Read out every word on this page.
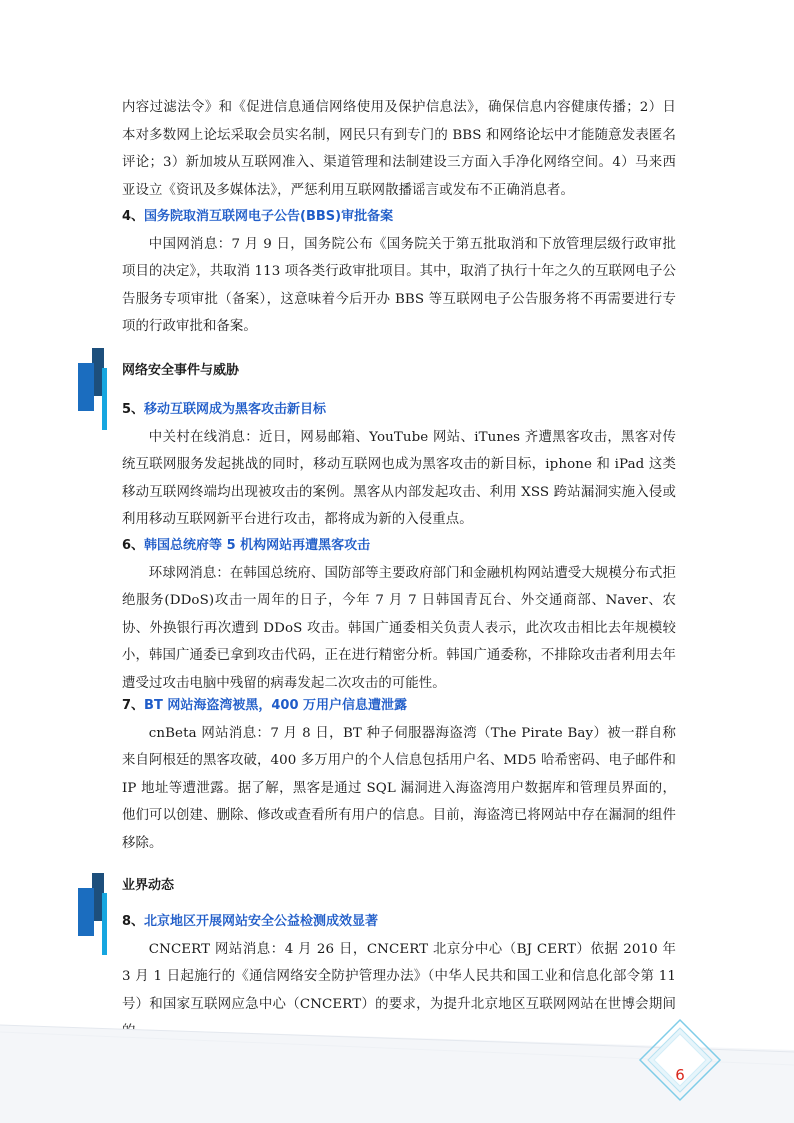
内容过滤法令》和《促进信息通信网络使用及保护信息法》，确保信息内容健康传播；2）日本对多数网上论坛采取会员实名制，网民只有到专门的 BBS 和网络论坛中才能随意发表匿名评论；3）新加坡从互联网准入、渠道管理和法制建设三方面入手净化网络空间。4）马来西亚设立《资讯及多媒体法》，严惩利用互联网散播谣言或发布不正确消息者。

4、国务院取消互联网电子公告(BBS)审批备案

中国网消息：7 月 9 日，国务院公布《国务院关于第五批取消和下放管理层级行政审批项目的决定》，共取消 113 项各类行政审批项目。其中，取消了执行十年之久的互联网电子公告服务专项审批（备案），这意味着今后开办 BBS 等互联网电子公告服务将不再需要进行专项的行政审批和备案。

网络安全事件与威胁
5、移动互联网成为黑客攻击新目标

中关村在线消息：近日，网易邮箱、YouTube 网站、iTunes 齐遭黑客攻击，黑客对传统互联网服务发起挑战的同时，移动互联网也成为黑客攻击的新目标，iphone 和 iPad 这类移动互联网终端均出现被攻击的案例。黑客从内部发起攻击、利用 XSS 跨站漏洞实施入侵或利用移动互联网新平台进行攻击，都将成为新的入侵重点。

6、韩国总统府等 5 机构网站再遭黑客攻击

环球网消息：在韩国总统府、国防部等主要政府部门和金融机构网站遭受大规模分布式拒绝服务(DDoS)攻击一周年的日子，今年 7 月 7 日韩国青瓦台、外交通商部、Naver、农协、外换银行再次遭到 DDoS 攻击。韩国广通委相关负责人表示，此次攻击相比去年规模较小，韩国广通委已拿到攻击代码，正在进行精密分析。韩国广通委称，不排除攻击者利用去年遭受过攻击电脑中残留的病毒发起二次攻击的可能性。

7、BT 网站海盗湾被黑，400 万用户信息遭泄露

cnBeta 网站消息：7 月 8 日，BT 种子伺服器海盗湾（The Pirate Bay）被一群自称来自阿根廷的黑客攻破，400 多万用户的个人信息包括用户名、MD5 哈希密码、电子邮件和 IP 地址等遭泄露。据了解，黑客是通过 SQL 漏洞进入海盗湾用户数据库和管理员界面的，他们可以创建、删除、修改或查看所有用户的信息。目前，海盗湾已将网站中存在漏洞的组件移除。

业界动态
8、北京地区开展网站安全公益检测成效显著

CNCERT 网站消息：4 月 26 日，CNCERT 北京分中心（BJ CERT）依据 2010 年 3 月 1 日起施行的《通信网络安全防护管理办法》（中华人民共和国工业和信息化部令第 11 号）和国家互联网应急中心（CNCERT）的要求，为提升北京地区互联网网站在世博会期间

6
